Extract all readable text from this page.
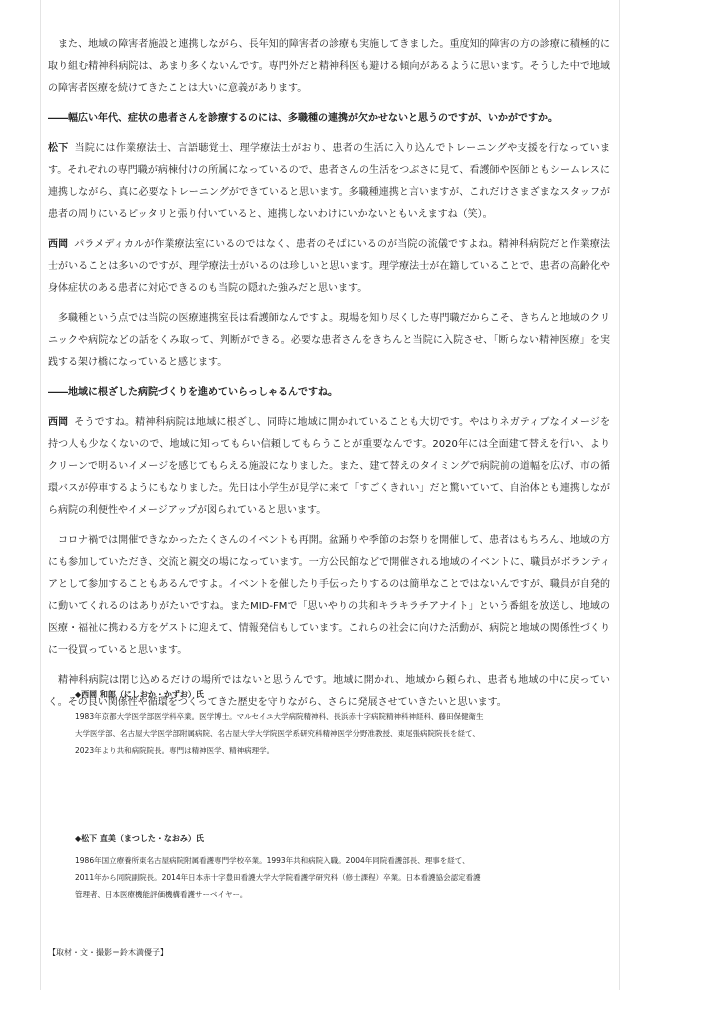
また、地域の障害者施設と連携しながら、長年知的障害者の診療も実施してきました。重度知的障害の方の診療に積極的に取り組む精神科病院は、あまり多くないんです。専門外だと精神科医も避ける傾向があるように思います。そうした中で地域の障害者医療を続けてきたことは大いに意義があります。

――幅広い年代、症状の患者さんを診療するのには、多職種の連携が欠かせないと思うのですが、いかがですか。

松下 当院には作業療法士、言語聴覚士、理学療法士がおり、患者の生活に入り込んでトレーニングや支援を行なっています。それぞれの専門職が病棟付けの所属になっているので、患者さんの生活をつぶさに見て、看護師や医師ともシームレスに連携しながら、真に必要なトレーニングができていると思います。多職種連携と言いますが、これだけさまざまなスタッフが患者の周りにいるピッタリと張り付いていると、連携しないわけにいかないともいえますね（笑）。

西岡 パラメディカルが作業療法室にいるのではなく、患者のそばにいるのが当院の流儀ですよね。精神科病院だと作業療法士がいることは多いのですが、理学療法士がいるのは珍しいと思います。理学療法士が在籍していることで、患者の高齢化や身体症状のある患者に対応できるのも当院の隠れた強みだと思います。

多職種という点では当院の医療連携室長は看護師なんですよ。現場を知り尽くした専門職だからこそ、きちんと地域のクリニックや病院などの話をくみ取って、判断ができる。必要な患者さんをきちんと当院に入院させ、「断らない精神医療」を実践する架け橋になっていると感じます。

――地域に根ざした病院づくりを進めていらっしゃるんですね。

西岡 そうですね。精神科病院は地域に根ざし、同時に地域に開かれていることも大切です。やはりネガティブなイメージを持つ人も少なくないので、地域に知ってもらい信頼してもらうことが重要なんです。2020年には全面建て替えを行い、よりクリーンで明るいイメージを感じてもらえる施設になりました。また、建て替えのタイミングで病院前の道幅を広げ、市の循環バスが停車するようにもなりました。先日は小学生が見学に来て「すごくきれい」だと驚いていて、自治体とも連携しながら病院の利便性やイメージアップが図られていると思います。

コロナ禍では開催できなかったたくさんのイベントも再開。盆踊りや季節のお祭りを開催して、患者はもちろん、地域の方にも参加していただき、交流と親交の場になっています。一方公民館などで開催される地域のイベントに、職員がボランティアとして参加することもあるんですよ。イベントを催したり手伝ったりするのは簡単なことではないんですが、職員が自発的に動いてくれるのはありがたいですね。またMID-FMで「思いやりの共和キラキラチアナイト」という番組を放送し、地域の医療・福祉に携わる方をゲストに迎えて、情報発信もしています。これらの社会に向けた活動が、病院と地域の関係性づくりに一役買っていると思います。

精神科病院は閉じ込めるだけの場所ではないと思うんです。地域に開かれ、地域から頼られ、患者も地域の中に戻っていく。その良い関係性や循環をつくってきた歴史を守りながら、さらに発展させていきたいと思います。

◆西岡 和郎（にしおか・かずお）氏

1983年京都大学医学部医学科卒業。医学博士。マルセイユ大学病院精神科、長浜赤十字病院精神科神経科、藤田保健衛生

大学医学部、名古屋大学医学部附属病院、名古屋大学大学院医学系研究科精神医学分野准教授、東尾張病院院長を経て、

2023年より共和病院院長。専門は精神医学、精神病理学。

◆松下 直美（まつした・なおみ）氏

1986年国立療養所東名古屋病院附属看護専門学校卒業。1993年共和病院入職。2004年同院看護部長、理事を経て、

2011年から同院副院長。2014年日本赤十字豊田看護大学大学院看護学研究科（修士課程）卒業。日本看護協会認定看護

管理者、日本医療機能評価機構看護サーベイヤー。

【取材・文・撮影＝鈴木満優子】
